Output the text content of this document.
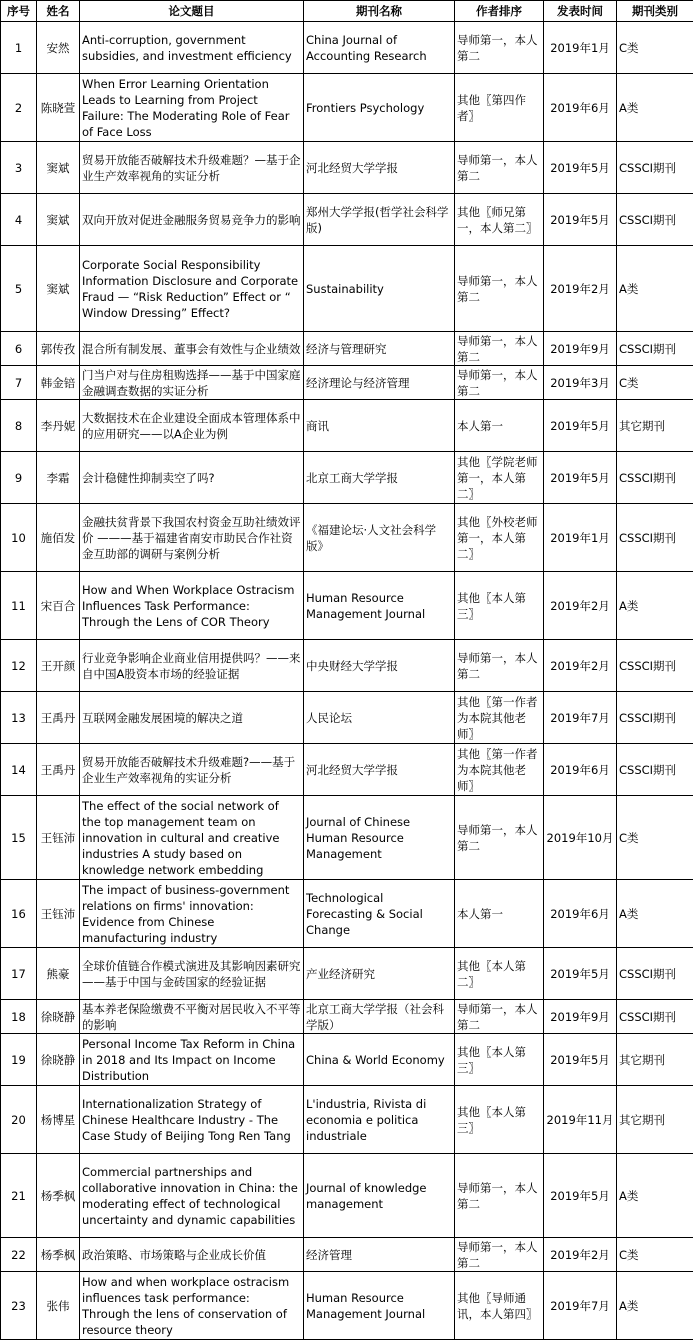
序号	姓名	论文题目	期刊名称	作者排序	发表时间	期刊类别
1	安然	Anti-corruption, government subsidies, and investment efficiency	China Journal of Accounting Research	导师第一，本人第二	2019年1月	C类
2	陈晓萱	When Error Learning Orientation Leads to Learning from Project Failure: The Moderating Role of Fear of Face Loss	Frontiers Psychology	其他〖第四作者〗	2019年6月	A类
3	窦斌	贸易开放能否破解技术升级难题？—基于企业生产效率视角的实证分析	河北经贸大学学报	导师第一，本人第二	2019年5月	CSSCI期刊
4	窦斌	双向开放对促进金融服务贸易竞争力的影响	郑州大学学报(哲学社会科学版)	其他〖师兄第一，本人第二〗	2019年5月	CSSCI期刊
5	窦斌	Corporate Social Responsibility Information Disclosure and Corporate Fraud — “Risk Reduction” Effect or “ Window Dressing” Effect?	Sustainability	导师第一，本人第二	2019年2月	A类
6	郭传孜	混合所有制发展、董事会有效性与企业绩效	经济与管理研究	导师第一，本人第二	2019年9月	CSSCI期刊
7	韩金锫	门当户对与住房租购选择——基于中国家庭金融调查数据的实证分析	经济理论与经济管理	导师第一，本人第二	2019年3月	C类
8	李丹妮	大数据技术在企业建设全面成本管理体系中的应用研究——以A企业为例	商讯	本人第一	2019年5月	其它期刊
9	李霜	会计稳健性抑制卖空了吗?	北京工商大学学报	其他〖学院老师第一，本人第二〗	2019年5月	CSSCI期刊
10	施佰发	金融扶贫背景下我国农村资金互助社绩效评价 ———基于福建省南安市助民合作社资金互助部的调研与案例分析	《福建论坛·人文社会科学版》	其他〖外校老师第一，本人第二〗	2019年1月	CSSCI期刊
11	宋百合	How and When Workplace Ostracism Influences Task Performance: Through the Lens of COR Theory	Human Resource Management Journal	其他〖本人第三〗	2019年2月	A类
12	王开颜	行业竞争影响企业商业信用提供吗？——来自中国A股资本市场的经验证据	中央财经大学学报	导师第一，本人第二	2019年2月	CSSCI期刊
13	王禹丹	互联网金融发展困境的解决之道	人民论坛	其他〖第一作者为本院其他老师〗	2019年7月	CSSCI期刊
14	王禹丹	贸易开放能否破解技术升级难题?——基于企业生产效率视角的实证分析	河北经贸大学学报	其他〖第一作者为本院其他老师〗	2019年6月	CSSCI期刊
15	王钰沛	The effect of the social network of the top management team on innovation in cultural and creative industries A study based on knowledge network embedding	Journal of Chinese Human Resource Management	导师第一，本人第二	2019年10月	C类
16	王钰沛	The impact of business-government relations on firms' innovation: Evidence from Chinese manufacturing industry	Technological Forecasting & Social Change	本人第一	2019年6月	A类
17	熊豪	全球价值链合作模式演进及其影响因素研究——基于中国与金砖国家的经验证据	产业经济研究	其他〖本人第二〗	2019年5月	CSSCI期刊
18	徐晓静	基本养老保险缴费不平衡对居民收入不平等的影响	北京工商大学学报（社会科学版）	导师第一，本人第二	2019年9月	CSSCI期刊
19	徐晓静	Personal Income Tax Reform in China in 2018 and Its Impact on Income Distribution	China & World Economy	其他〖本人第三〗	2019年5月	其它期刊
20	杨博星	Internationalization Strategy of Chinese Healthcare Industry - The Case Study of Beijing Tong Ren Tang	L'industria, Rivista di economia e politica industriale	其他〖本人第三〗	2019年11月	其它期刊
21	杨季枫	Commercial partnerships and collaborative innovation in China: the moderating effect of technological uncertainty and dynamic capabilities	Journal of knowledge management	导师第一，本人第二	2019年5月	A类
22	杨季枫	政治策略、市场策略与企业成长价值	经济管理	导师第一，本人第二	2019年2月	C类
23	张伟	How and when workplace ostracism influences task performance: Through the lens of conservation of resource theory	Human Resource Management Journal	其他〖导师通讯，本人第四〗	2019年7月	A类
